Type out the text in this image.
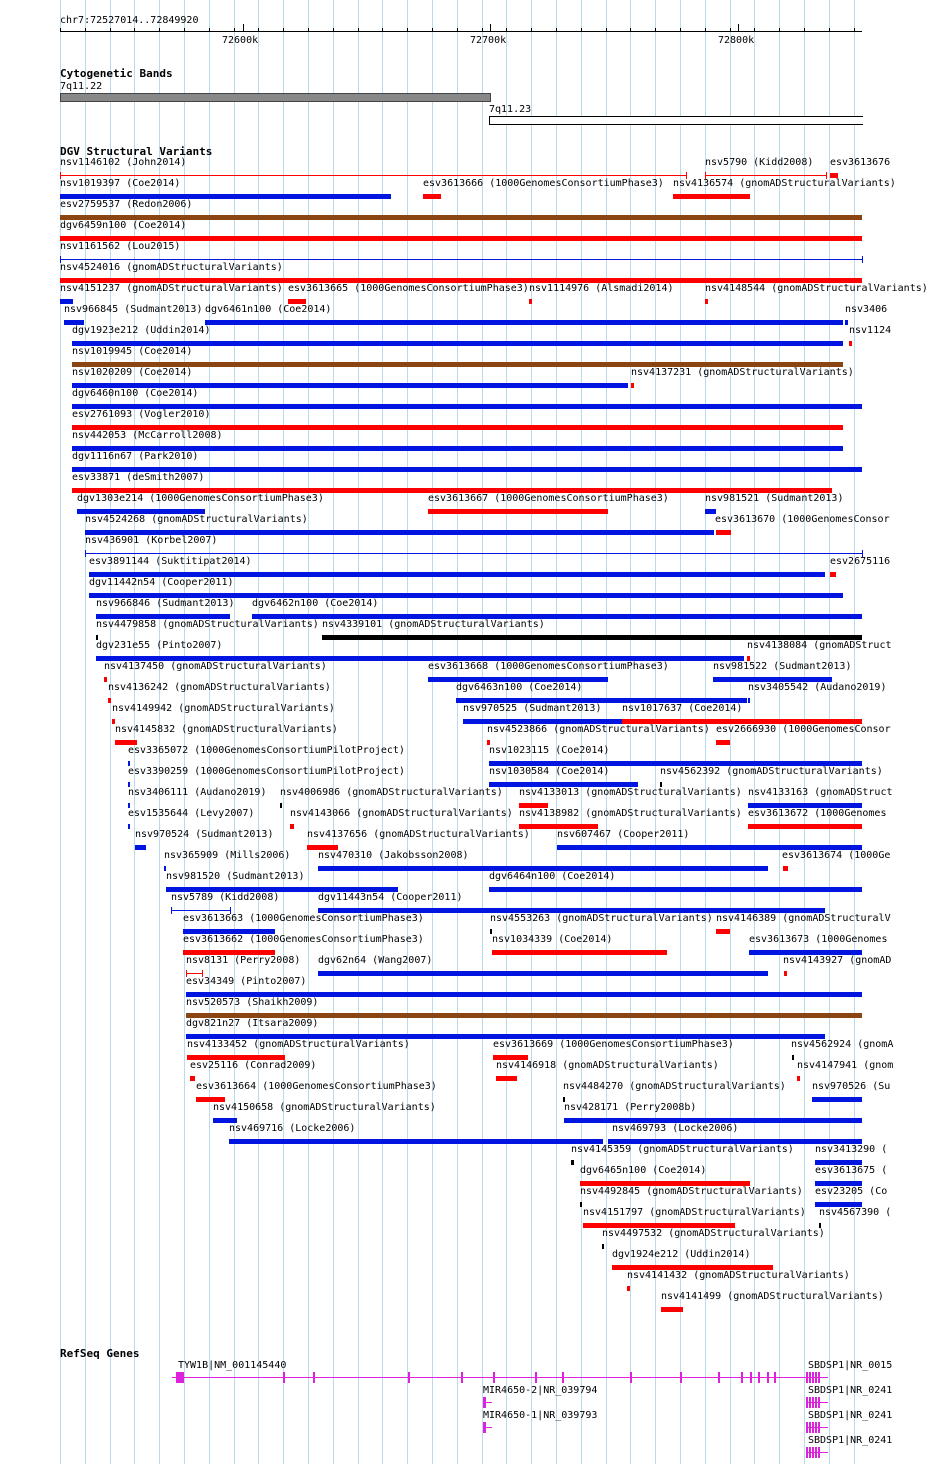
chr7:72527014..72849920
72600k	72700k	72800k
Cytogenetic Bands
7q11.22
7q11.23
DGV Structural Variants
nsv1146102 (John2014)	nsv5790 (Kidd2008) esv3613676
nsv1019397 (Coe2014)	esv3613666 (1000GenomesConsortiumPhase3) nsv4136574 (gnomADStructuralVariants)
esv2759537 (Redon2006)
dgv6459n100 (Coe2014)
nsv1161562 (Lou2015)
nsv4524016 (gnomADStructuralVariants)
nsv4151237 (gnomADStructuralVariants) esv3613665 (1000GenomesConsortiumPhase3) nsv1114976 (Alsmadi2014)	nsv4148544 (gnomADStructuralVariants)
nsv966845 (Sudmant2013) dgv6461n100 (Coe2014)	nsv3406
dgv1923e212 (Uddin2014)	nsv1124
nsv1019945 (Coe2014)
nsv1020209 (Coe2014)	nsv4137231 (gnomADStructuralVariants)
dgv6460n100 (Coe2014)
esv2761093 (Vogler2010)
nsv442053 (McCarroll2008)
dgv1116n67 (Park2010)
esv33871 (deSmith2007)
dgv1303e214 (1000GenomesConsortiumPhase3)	esv3613667 (1000GenomesConsortiumPhase3)	nsv981521 (Sudmant2013)
nsv4524268 (gnomADStructuralVariants)	esv3613670 (1000GenomesConsor
nsv436901 (Korbel2007)
esv3891144 (Suktitipat2014)	esv2675116
dgv11442n54 (Cooper2011)
nsv966846 (Sudmant2013) dgv6462n100 (Coe2014)
nsv4479858 (gnomADStructuralVariants) nsv4339101 (gnomADStructuralVariants)
dgv231e55 (Pinto2007)	nsv4138084 (gnomADStruct
nsv4137450 (gnomADStructuralVariants)	esv3613668 (1000GenomesConsortiumPhase3)	nsv981522 (Sudmant2013)
nsv4136242 (gnomADStructuralVariants)	dgv6463n100 (Coe2014)	nsv3405542 (Audano2019)
nsv4149942 (gnomADStructuralVariants)	nsv970525 (Sudmant2013) nsv1017637 (Coe2014)
nsv4145832 (gnomADStructuralVariants)	nsv4523866 (gnomADStructuralVariants) esv2666930 (1000GenomesConsor
esv3365072 (1000GenomesConsortiumPilotProject)	nsv1023115 (Coe2014)
esv3390259 (1000GenomesConsortiumPilotProject)	nsv1030584 (Coe2014)	nsv4562392 (gnomADStructuralVariants)
nsv3406111 (Audano2019) nsv4006986 (gnomADStructuralVariants) nsv4133013 (gnomADStructuralVariants) nsv4133163 (gnomADStruct
esv1535644 (Levy2007)	nsv4143066 (gnomADStructuralVariants) nsv4138982 (gnomADStructuralVariants) esv3613672 (1000Genomes
nsv970524 (Sudmant2013)	nsv4137656 (gnomADStructuralVariants)	nsv607467 (Cooper2011)
nsv365909 (Mills2006)	nsv470310 (Jakobsson2008)	esv3613674 (1000Ge
nsv981520 (Sudmant2013)	dgv6464n100 (Coe2014)
nsv5789 (Kidd2008)	dgv11443n54 (Cooper2011)
esv3613663 (1000GenomesConsortiumPhase3)	nsv4553263 (gnomADStructuralVariants) nsv4146389 (gnomADStructuralV
esv3613662 (1000GenomesConsortiumPhase3)	nsv1034339 (Coe2014)	esv3613673 (1000Genomes
nsv8131 (Perry2008) dgv62n64 (Wang2007)	nsv4143927 (gnomAD
esv34349 (Pinto2007)
nsv520573 (Shaikh2009)
dgv821n27 (Itsara2009)
nsv4133452 (gnomADStructuralVariants)	esv3613669 (1000GenomesConsortiumPhase3)	nsv4562924 (gnomA
esv25116 (Conrad2009)	nsv4146918 (gnomADStructuralVariants)	nsv4147941 (gnom
esv3613664 (1000GenomesConsortiumPhase3)	nsv4484270 (gnomADStructuralVariants)	nsv970526 (Su
nsv4150658 (gnomADStructuralVariants)	nsv428171 (Perry2008b)
nsv469716 (Locke2006)	nsv469793 (Locke2006)
nsv4145359 (gnomADStructuralVariants) nsv3413290 (
dgv6465n100 (Coe2014)	esv3613675 (
nsv4492845 (gnomADStructuralVariants) esv23205 (Co
nsv4151797 (gnomADStructuralVariants) nsv4567390 (
nsv4497532 (gnomADStructuralVariants)
dgv1924e212 (Uddin2014)
nsv4141432 (gnomADStructuralVariants)
nsv4141499 (gnomADStructuralVariants)
RefSeq Genes
TYW1B|NM_001145440	SBDSP1|NR_0015
MIR4650-2|NR_039794	SBDSP1|NR_0241
MIR4650-1|NR_039793	SBDSP1|NR_0241
SBDSP1|NR_0241
